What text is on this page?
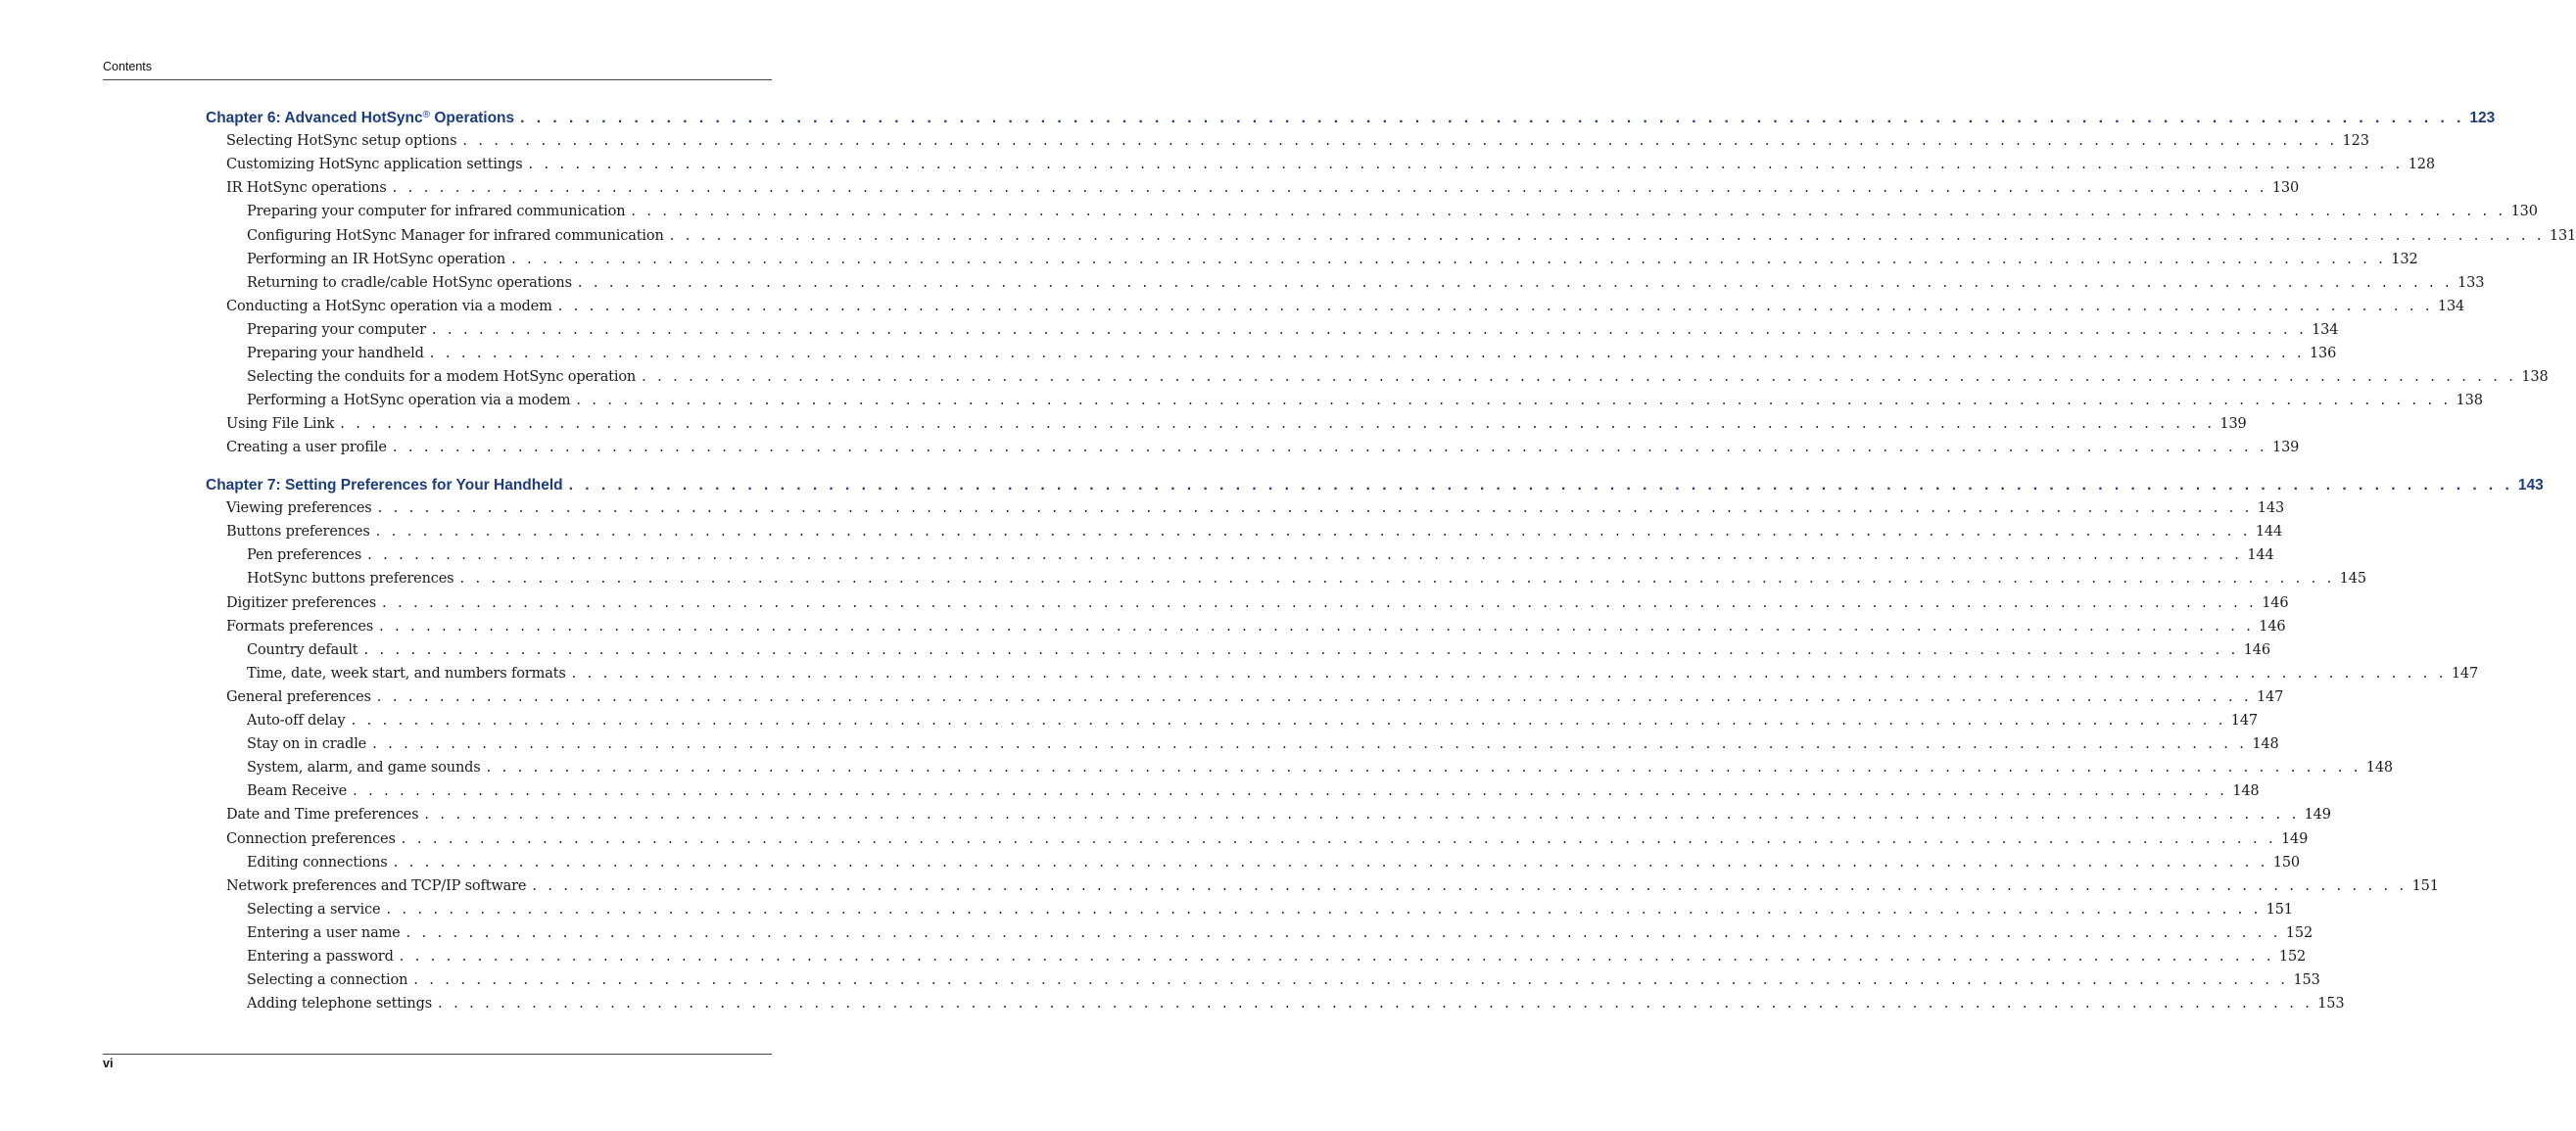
Contents
Chapter 6: Advanced HotSync® Operations . . . . . . . . . . . . . . . . . . . . . . . . . . . . . . . . . . . . . . . . . . . . . . . . . . . . . . . . . . . . . . . . . . . . . . . . . . . . . . . . . . . . . . . . . . . . . . . . . . . . . . . . . . . . . . . . . . . . . . . . 123
Selecting HotSync setup options . . . . . . . . . . . . . . . . . . . . . . . . . . . . . . . . . . . . . . . . . . . . . . . . . . . . . . . . . . . . . . . . . . . . . . . . . . . . . . . . . . . . . . . . . . . . . . . . . . . . . . . . . . . . . . . . . . . . . . . . 123
Customizing HotSync application settings . . . . . . . . . . . . . . . . . . . . . . . . . . . . . . . . . . . . . . . . . . . . . . . . . . . . . . . . . . . . . . . . . . . . . . . . . . . . . . . . . . . . . . . . . . . . . . . . . . . . . . . . . . . . . . . . . . . . . . . . 128
IR HotSync operations . . . . . . . . . . . . . . . . . . . . . . . . . . . . . . . . . . . . . . . . . . . . . . . . . . . . . . . . . . . . . . . . . . . . . . . . . . . . . . . . . . . . . . . . . . . . . . . . . . . . . . . . . . . . . . . . . . . . . . . . 130
Preparing your computer for infrared communication . . . . . . . . . . . . . . . . . . . . . . . . . . . . . . . . . . . . . . . . . . . . . . . . . . . . . . . . . . . . . . . . . . . . . . . . . . . . . . . . . . . . . . . . . . . . . . . . . . . . . . . . . . . . . . . . . . . . . . . . 130
Configuring HotSync Manager for infrared communication . . . . . . . . . . . . . . . . . . . . . . . . . . . . . . . . . . . . . . . . . . . . . . . . . . . . . . . . . . . . . . . . . . . . . . . . . . . . . . . . . . . . . . . . . . . . . . . . . . . . . . . . . . . . . . . . . . . . . . . . 131
Performing an IR HotSync operation . . . . . . . . . . . . . . . . . . . . . . . . . . . . . . . . . . . . . . . . . . . . . . . . . . . . . . . . . . . . . . . . . . . . . . . . . . . . . . . . . . . . . . . . . . . . . . . . . . . . . . . . . . . . . . . . . . . . . . . . 132
Returning to cradle/cable HotSync operations . . . . . . . . . . . . . . . . . . . . . . . . . . . . . . . . . . . . . . . . . . . . . . . . . . . . . . . . . . . . . . . . . . . . . . . . . . . . . . . . . . . . . . . . . . . . . . . . . . . . . . . . . . . . . . . . . . . . . . . . 133
Conducting a HotSync operation via a modem . . . . . . . . . . . . . . . . . . . . . . . . . . . . . . . . . . . . . . . . . . . . . . . . . . . . . . . . . . . . . . . . . . . . . . . . . . . . . . . . . . . . . . . . . . . . . . . . . . . . . . . . . . . . . . . . . . . . . . . . 134
Preparing your computer . . . . . . . . . . . . . . . . . . . . . . . . . . . . . . . . . . . . . . . . . . . . . . . . . . . . . . . . . . . . . . . . . . . . . . . . . . . . . . . . . . . . . . . . . . . . . . . . . . . . . . . . . . . . . . . . . . . . . . . . 134
Preparing your handheld . . . . . . . . . . . . . . . . . . . . . . . . . . . . . . . . . . . . . . . . . . . . . . . . . . . . . . . . . . . . . . . . . . . . . . . . . . . . . . . . . . . . . . . . . . . . . . . . . . . . . . . . . . . . . . . . . . . . . . . . 136
Selecting the conduits for a modem HotSync operation . . . . . . . . . . . . . . . . . . . . . . . . . . . . . . . . . . . . . . . . . . . . . . . . . . . . . . . . . . . . . . . . . . . . . . . . . . . . . . . . . . . . . . . . . . . . . . . . . . . . . . . . . . . . . . . . . . . . . . . . 138
Performing a HotSync operation via a modem . . . . . . . . . . . . . . . . . . . . . . . . . . . . . . . . . . . . . . . . . . . . . . . . . . . . . . . . . . . . . . . . . . . . . . . . . . . . . . . . . . . . . . . . . . . . . . . . . . . . . . . . . . . . . . . . . . . . . . . . 138
Using File Link . . . . . . . . . . . . . . . . . . . . . . . . . . . . . . . . . . . . . . . . . . . . . . . . . . . . . . . . . . . . . . . . . . . . . . . . . . . . . . . . . . . . . . . . . . . . . . . . . . . . . . . . . . . . . . . . . . . . . . . . 139
Creating a user profile . . . . . . . . . . . . . . . . . . . . . . . . . . . . . . . . . . . . . . . . . . . . . . . . . . . . . . . . . . . . . . . . . . . . . . . . . . . . . . . . . . . . . . . . . . . . . . . . . . . . . . . . . . . . . . . . . . . . . . . . 139
Chapter 7: Setting Preferences for Your Handheld . . . . . . . . . . . . . . . . . . . . . . . . . . . . . . . . . . . . . . . . . . . . . . . . . . . . . . . . . . . . . . . . . . . . . . . . . . . . . . . . . . . . . . . . . . . . . . . . . . . . . . . . . . . . . . . . . . . . . . . . 143
Viewing preferences . . . . . . . . . . . . . . . . . . . . . . . . . . . . . . . . . . . . . . . . . . . . . . . . . . . . . . . . . . . . . . . . . . . . . . . . . . . . . . . . . . . . . . . . . . . . . . . . . . . . . . . . . . . . . . . . . . . . . . . . 143
Buttons preferences . . . . . . . . . . . . . . . . . . . . . . . . . . . . . . . . . . . . . . . . . . . . . . . . . . . . . . . . . . . . . . . . . . . . . . . . . . . . . . . . . . . . . . . . . . . . . . . . . . . . . . . . . . . . . . . . . . . . . . . . 144
Pen preferences . . . . . . . . . . . . . . . . . . . . . . . . . . . . . . . . . . . . . . . . . . . . . . . . . . . . . . . . . . . . . . . . . . . . . . . . . . . . . . . . . . . . . . . . . . . . . . . . . . . . . . . . . . . . . . . . . . . . . . . . 144
HotSync buttons preferences . . . . . . . . . . . . . . . . . . . . . . . . . . . . . . . . . . . . . . . . . . . . . . . . . . . . . . . . . . . . . . . . . . . . . . . . . . . . . . . . . . . . . . . . . . . . . . . . . . . . . . . . . . . . . . . . . . . . . . . . 145
Digitizer preferences . . . . . . . . . . . . . . . . . . . . . . . . . . . . . . . . . . . . . . . . . . . . . . . . . . . . . . . . . . . . . . . . . . . . . . . . . . . . . . . . . . . . . . . . . . . . . . . . . . . . . . . . . . . . . . . . . . . . . . . . 146
Formats preferences . . . . . . . . . . . . . . . . . . . . . . . . . . . . . . . . . . . . . . . . . . . . . . . . . . . . . . . . . . . . . . . . . . . . . . . . . . . . . . . . . . . . . . . . . . . . . . . . . . . . . . . . . . . . . . . . . . . . . . . . 146
Country default . . . . . . . . . . . . . . . . . . . . . . . . . . . . . . . . . . . . . . . . . . . . . . . . . . . . . . . . . . . . . . . . . . . . . . . . . . . . . . . . . . . . . . . . . . . . . . . . . . . . . . . . . . . . . . . . . . . . . . . . 146
Time, date, week start, and numbers formats . . . . . . . . . . . . . . . . . . . . . . . . . . . . . . . . . . . . . . . . . . . . . . . . . . . . . . . . . . . . . . . . . . . . . . . . . . . . . . . . . . . . . . . . . . . . . . . . . . . . . . . . . . . . . . . . . . . . . . . . 147
General preferences . . . . . . . . . . . . . . . . . . . . . . . . . . . . . . . . . . . . . . . . . . . . . . . . . . . . . . . . . . . . . . . . . . . . . . . . . . . . . . . . . . . . . . . . . . . . . . . . . . . . . . . . . . . . . . . . . . . . . . . . 147
Auto-off delay . . . . . . . . . . . . . . . . . . . . . . . . . . . . . . . . . . . . . . . . . . . . . . . . . . . . . . . . . . . . . . . . . . . . . . . . . . . . . . . . . . . . . . . . . . . . . . . . . . . . . . . . . . . . . . . . . . . . . . . . 147
Stay on in cradle . . . . . . . . . . . . . . . . . . . . . . . . . . . . . . . . . . . . . . . . . . . . . . . . . . . . . . . . . . . . . . . . . . . . . . . . . . . . . . . . . . . . . . . . . . . . . . . . . . . . . . . . . . . . . . . . . . . . . . . . 148
System, alarm, and game sounds . . . . . . . . . . . . . . . . . . . . . . . . . . . . . . . . . . . . . . . . . . . . . . . . . . . . . . . . . . . . . . . . . . . . . . . . . . . . . . . . . . . . . . . . . . . . . . . . . . . . . . . . . . . . . . . . . . . . . . . . 148
Beam Receive . . . . . . . . . . . . . . . . . . . . . . . . . . . . . . . . . . . . . . . . . . . . . . . . . . . . . . . . . . . . . . . . . . . . . . . . . . . . . . . . . . . . . . . . . . . . . . . . . . . . . . . . . . . . . . . . . . . . . . . . 148
Date and Time preferences . . . . . . . . . . . . . . . . . . . . . . . . . . . . . . . . . . . . . . . . . . . . . . . . . . . . . . . . . . . . . . . . . . . . . . . . . . . . . . . . . . . . . . . . . . . . . . . . . . . . . . . . . . . . . . . . . . . . . . . . 149
Connection preferences . . . . . . . . . . . . . . . . . . . . . . . . . . . . . . . . . . . . . . . . . . . . . . . . . . . . . . . . . . . . . . . . . . . . . . . . . . . . . . . . . . . . . . . . . . . . . . . . . . . . . . . . . . . . . . . . . . . . . . . . 149
Editing connections . . . . . . . . . . . . . . . . . . . . . . . . . . . . . . . . . . . . . . . . . . . . . . . . . . . . . . . . . . . . . . . . . . . . . . . . . . . . . . . . . . . . . . . . . . . . . . . . . . . . . . . . . . . . . . . . . . . . . . . . 150
Network preferences and TCP/IP software . . . . . . . . . . . . . . . . . . . . . . . . . . . . . . . . . . . . . . . . . . . . . . . . . . . . . . . . . . . . . . . . . . . . . . . . . . . . . . . . . . . . . . . . . . . . . . . . . . . . . . . . . . . . . . . . . . . . . . . . 151
Selecting a service . . . . . . . . . . . . . . . . . . . . . . . . . . . . . . . . . . . . . . . . . . . . . . . . . . . . . . . . . . . . . . . . . . . . . . . . . . . . . . . . . . . . . . . . . . . . . . . . . . . . . . . . . . . . . . . . . . . . . . . . 151
Entering a user name . . . . . . . . . . . . . . . . . . . . . . . . . . . . . . . . . . . . . . . . . . . . . . . . . . . . . . . . . . . . . . . . . . . . . . . . . . . . . . . . . . . . . . . . . . . . . . . . . . . . . . . . . . . . . . . . . . . . . . . . 152
Entering a password . . . . . . . . . . . . . . . . . . . . . . . . . . . . . . . . . . . . . . . . . . . . . . . . . . . . . . . . . . . . . . . . . . . . . . . . . . . . . . . . . . . . . . . . . . . . . . . . . . . . . . . . . . . . . . . . . . . . . . . . 152
Selecting a connection . . . . . . . . . . . . . . . . . . . . . . . . . . . . . . . . . . . . . . . . . . . . . . . . . . . . . . . . . . . . . . . . . . . . . . . . . . . . . . . . . . . . . . . . . . . . . . . . . . . . . . . . . . . . . . . . . . . . . . . . 153
Adding telephone settings . . . . . . . . . . . . . . . . . . . . . . . . . . . . . . . . . . . . . . . . . . . . . . . . . . . . . . . . . . . . . . . . . . . . . . . . . . . . . . . . . . . . . . . . . . . . . . . . . . . . . . . . . . . . . . . . . . . . . . . . 153
vi
